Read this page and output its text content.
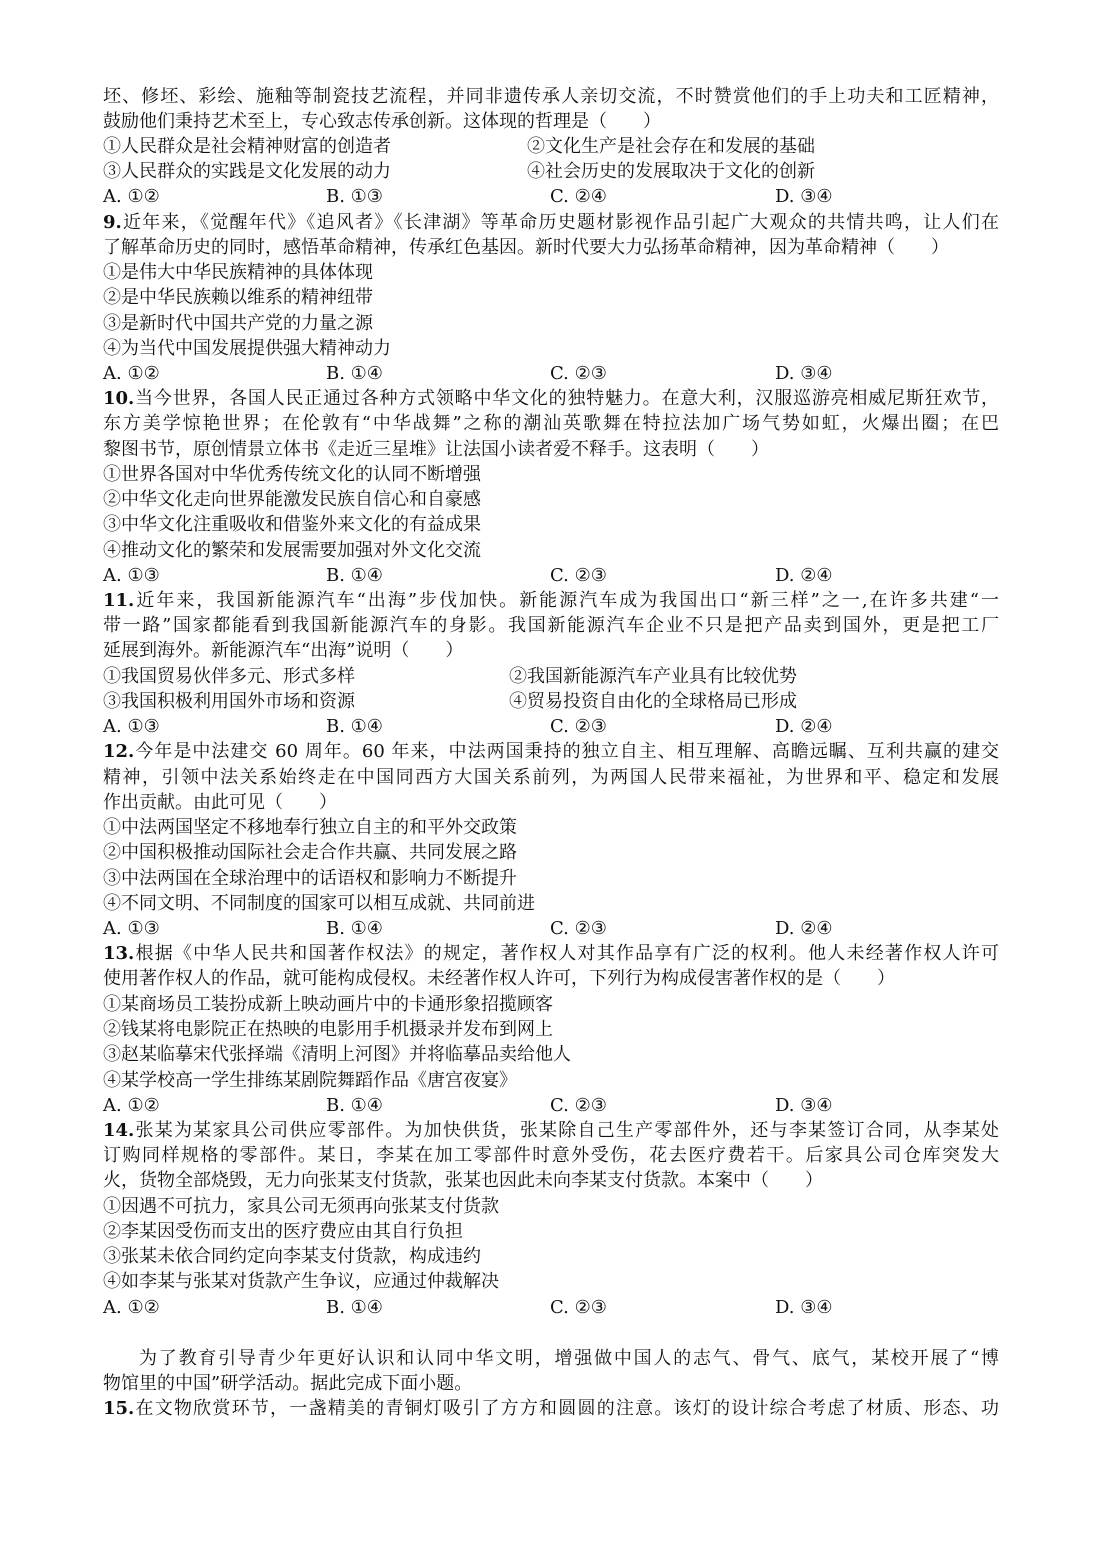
坯、修坯、彩绘、施釉等制瓷技艺流程，并同非遗传承人亲切交流，不时赞赏他们的手上功夫和工匠精神，
鼓励他们秉持艺术至上，专心致志传承创新。这体现的哲理是（　　）
①人民群众是社会精神财富的创造者	②文化生产是社会存在和发展的基础
③人民群众的实践是文化发展的动力	④社会历史的发展取决于文化的创新
A. ①②	B. ①③	C. ②④	D. ③④
9.近年来，《觉醒年代》《追风者》《长津湖》等革命历史题材影视作品引起广大观众的共情共鸣，让人们在
了解革命历史的同时，感悟革命精神，传承红色基因。新时代要大力弘扬革命精神，因为革命精神（　　）
①是伟大中华民族精神的具体体现
②是中华民族赖以维系的精神纽带
③是新时代中国共产党的力量之源
④为当代中国发展提供强大精神动力
A. ①②	B. ①④	C. ②③	D. ③④
10.当今世界，各国人民正通过各种方式领略中华文化的独特魅力。在意大利，汉服巡游亮相威尼斯狂欢节，
东方美学惊艳世界；在伦敦有“中华战舞”之称的潮汕英歌舞在特拉法加广场气势如虹，火爆出圈；在巴
黎图书节，原创情景立体书《走近三星堆》让法国小读者爱不释手。这表明（　　）
①世界各国对中华优秀传统文化的认同不断增强
②中华文化走向世界能激发民族自信心和自豪感
③中华文化注重吸收和借鉴外来文化的有益成果
④推动文化的繁荣和发展需要加强对外文化交流
A. ①③	B. ①④	C. ②③	D. ②④
11.近年来，我国新能源汽车“出海”步伐加快。新能源汽车成为我国出口“新三样”之一,在许多共建“一
带一路”国家都能看到我国新能源汽车的身影。我国新能源汽车企业不只是把产品卖到国外，更是把工厂
延展到海外。新能源汽车“出海”说明（　　）
①我国贸易伙伴多元、形式多样	②我国新能源汽车产业具有比较优势
③我国积极利用国外市场和资源	④贸易投资自由化的全球格局已形成
A. ①③	B. ①④	C. ②③	D. ②④
12.今年是中法建交 60 周年。60 年来，中法两国秉持的独立自主、相互理解、高瞻远瞩、互利共赢的建交
精神，引领中法关系始终走在中国同西方大国关系前列，为两国人民带来福祉，为世界和平、稳定和发展
作出贡献。由此可见（　　）
①中法两国坚定不移地奉行独立自主的和平外交政策
②中国积极推动国际社会走合作共赢、共同发展之路
③中法两国在全球治理中的话语权和影响力不断提升
④不同文明、不同制度的国家可以相互成就、共同前进
A. ①③	B. ①④	C. ②③	D. ②④
13.根据《中华人民共和国著作权法》的规定，著作权人对其作品享有广泛的权利。他人未经著作权人许可
使用著作权人的作品，就可能构成侵权。未经著作权人许可，下列行为构成侵害著作权的是（　　）
①某商场员工装扮成新上映动画片中的卡通形象招揽顾客
②钱某将电影院正在热映的电影用手机摄录并发布到网上
③赵某临摹宋代张择端《清明上河图》并将临摹品卖给他人
④某学校高一学生排练某剧院舞蹈作品《唐宫夜宴》
A. ①②	B. ①④	C. ②③	D. ③④
14.张某为某家具公司供应零部件。为加快供货，张某除自己生产零部件外，还与李某签订合同，从李某处
订购同样规格的零部件。某日，李某在加工零部件时意外受伤，花去医疗费若干。后家具公司仓库突发大
火，货物全部烧毁，无力向张某支付货款，张某也因此未向李某支付货款。本案中（　　）
①因遇不可抗力，家具公司无须再向张某支付货款
②李某因受伤而支出的医疗费应由其自行负担
③张某未依合同约定向李某支付货款，构成违约
④如李某与张某对货款产生争议，应通过仲裁解决
A. ①②	B. ①④	C. ②③	D. ③④
为了教育引导青少年更好认识和认同中华文明，增强做中国人的志气、骨气、底气，某校开展了“博
物馆里的中国”研学活动。据此完成下面小题。
15.在文物欣赏环节，一盏精美的青铜灯吸引了方方和圆圆的注意。该灯的设计综合考虑了材质、形态、功
